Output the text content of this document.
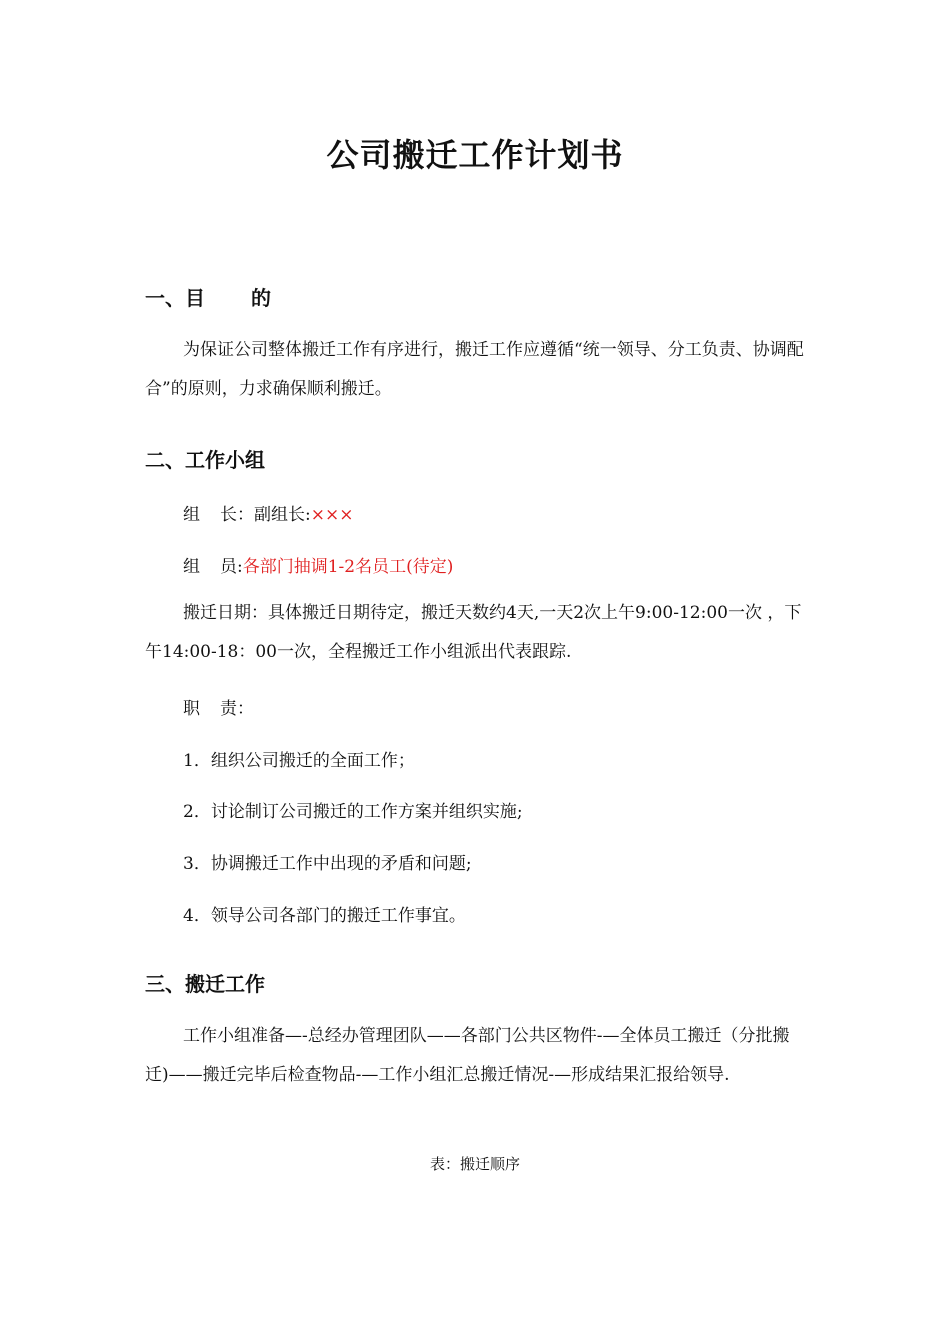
公司搬迁工作计划书
一、目 的
为保证公司整体搬迁工作有序进行，搬迁工作应遵循“统一领导、分工负责、协调配合”的原则，力求确保顺利搬迁。
二、工作小组
组 长：副组长:×××
组 员:各部门抽调1-2名员工(待定)
搬迁日期：具体搬迁日期待定，搬迁天数约4天,一天2次上午9:00-12:00一次 ，下午14:00-18：00一次，全程搬迁工作小组派出代表跟踪.
职 责：
1．组织公司搬迁的全面工作；
2．讨论制订公司搬迁的工作方案并组织实施;
3．协调搬迁工作中出现的矛盾和问题;
4．领导公司各部门的搬迁工作事宜。
三、搬迁工作
工作小组准备—-总经办管理团队——各部门公共区物件-—全体员工搬迁（分批搬迁)——搬迁完毕后检查物品-—工作小组汇总搬迁情况-—形成结果汇报给领导.
表：搬迁顺序
